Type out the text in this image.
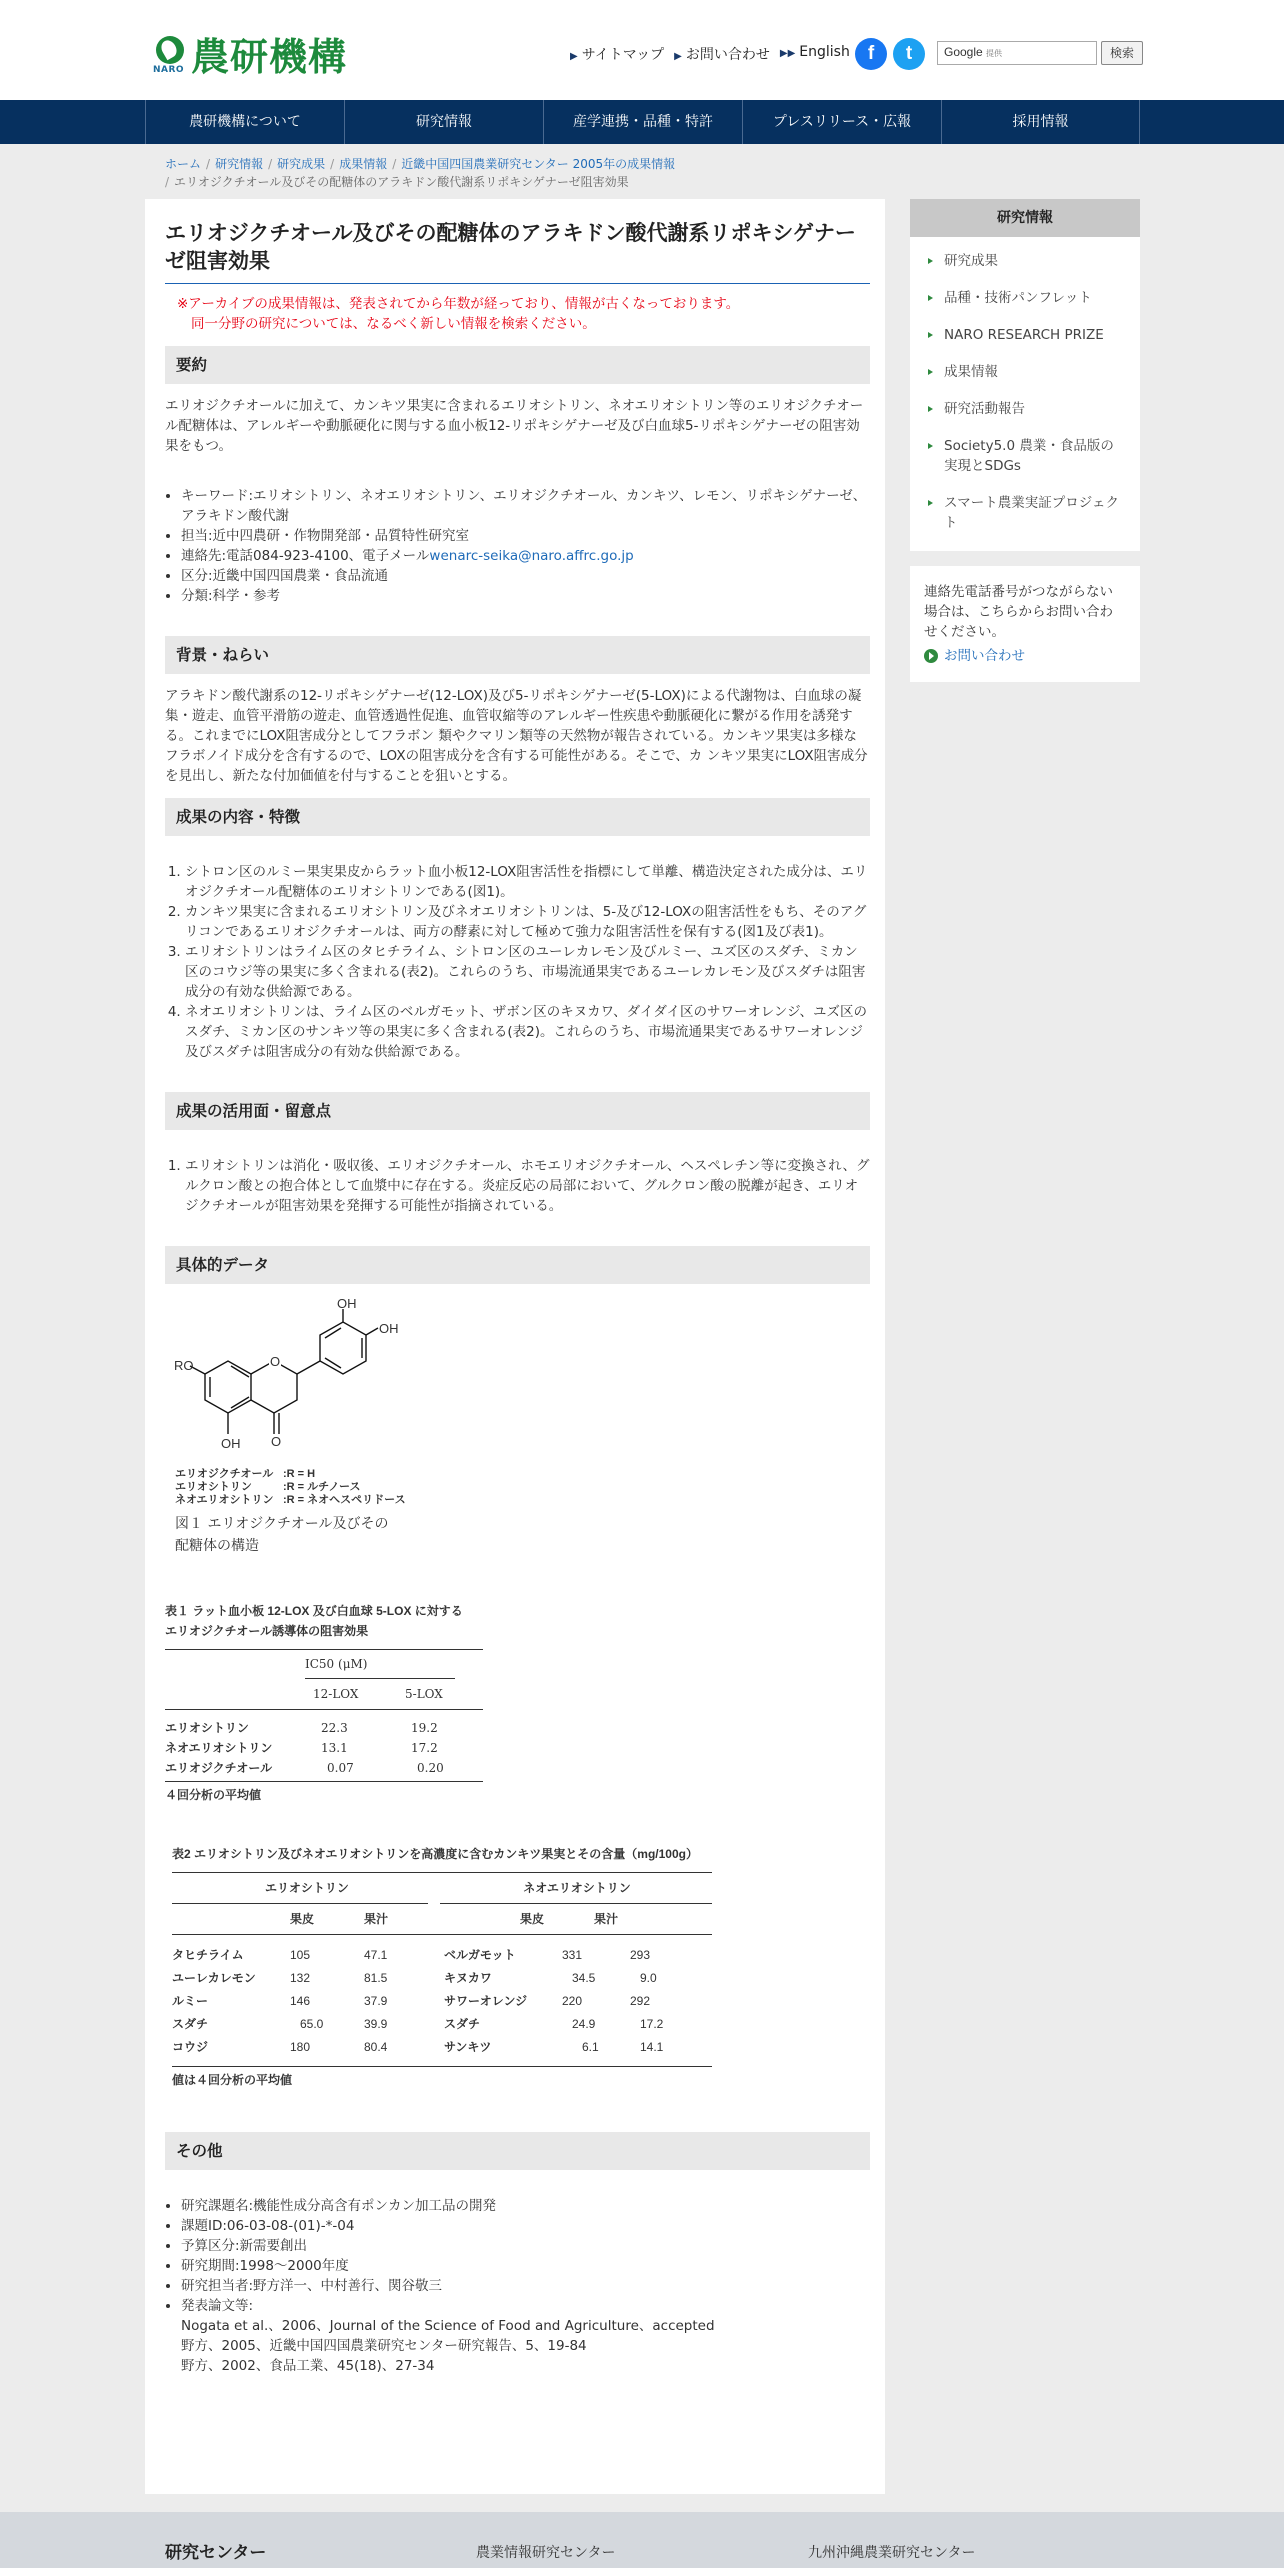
NARO 農研機構	▶ サイトマップ ▶ お問い合わせ ▶▶ English f	t	Google 提供	検索
農研機構について	研究情報	産学連携・品種・特許	プレスリリース・広報	採用情報
ホーム / 研究情報 / 研究成果 / 成果情報 / 近畿中国四国農業研究センター 2005年の成果情報
/ エリオジクチオール及びその配糖体のアラキドン酸代謝系リポキシゲナーゼ阻害効果
エリオジクチオール及びその配糖体のアラキドン酸代謝系リポキシゲナーゼ阻害効果
※アーカイブの成果情報は、発表されてから年数が経っており、情報が古くなっております。
同一分野の研究については、なるべく新しい情報を検索ください。
要約

エリオジクチオールに加えて、カンキツ果実に含まれるエリオシトリン、ネオエリオシトリン等のエリオジクチオール配糖体は、アレルギーや動脈硬化に関与する血小板12-リポキシゲナーゼ及び白血球5-リポキシゲナーゼの阻害効果をもつ。

• キーワード:エリオシトリン、ネオエリオシトリン、エリオジクチオール、カンキツ、レモン、リポキシゲナーゼ、アラキドン酸代謝
• 担当:近中四農研・作物開発部・品質特性研究室
• 連絡先:電話084-923-4100、電子メールwenarc-seika@naro.affrc.go.jp
• 区分:近畿中国四国農業・食品流通
• 分類:科学・参考
背景・ねらい

アラキドン酸代謝系の12-リポキシゲナーゼ(12-LOX)及び5-リポキシゲナーゼ(5-LOX)による代謝物は、白血球の凝集・遊走、血管平滑筋の遊走、血管透過性促進、血管収縮等のアレルギー性疾患や動脈硬化に繋がる作用を誘発する。これまでにLOX阻害成分としてフラボン 類やクマリン類等の天然物が報告されている。カンキツ果実は多様なフラボノイド成分を含有するので、LOXの阻害成分を含有する可能性がある。そこで、カ ンキツ果実にLOX阻害成分を見出し、新たな付加価値を付与することを狙いとする。

成果の内容・特徴
1. シトロン区のルミー果実果皮からラット血小板12-LOX阻害活性を指標にして単離、構造決定された成分は、エリオジクチオール配糖体のエリオシトリンである(図1)。
2. カンキツ果実に含まれるエリオシトリン及びネオエリオシトリンは、5-及び12-LOXの阻害活性をもち、そのアグリコンであるエリオジクチオールは、両方の酵素に対して極めて強力な阻害活性を保有する(図1及び表1)。
3. エリオシトリンはライム区のタヒチライム、シトロン区のユーレカレモン及びルミー、ユズ区のスダチ、ミカン区のコウジ等の果実に多く含まれる(表2)。これらのうち、市場流通果実であるユーレカレモン及びスダチは阻害成分の有効な供給源である。
4. ネオエリオシトリンは、ライム区のベルガモット、ザボン区のキヌカワ、ダイダイ区のサワーオレンジ、ユズ区のスダチ、ミカン区のサンキツ等の果実に多く含まれる(表2)。これらのうち、市場流通果実であるサワーオレンジ及びスダチは阻害成分の有効な供給源である。
成果の活用面・留意点
1. エリオシトリンは消化・吸収後、エリオジクチオール、ホモエリオジクチオール、ヘスペレチン等に変換され、グルクロン酸との抱合体として血漿中に存在する。炎症反応の局部において、グルクロン酸の脱離が起き、エリオジクチオールが阻害効果を発揮する可能性が指摘されている。
具体的データ
OH
OH
RO	O
O
OH
エリオジクチオール :R = H
エリオシトリン	:R = ルチノース
ネオエリオシトリン :R = ネオヘスペリドース
図１ エリオジクチオール及びその
配糖体の構造
表１ ラット血小板 12-LOX 及び白血球 5-LOX に対する
エリオジクチオール誘導体の阻害効果
IC50 (μM)
12-LOX	5-LOX
エリオシトリン	22.3	19.2
ネオエリオシトリン	13.1	17.2
エリオジクチオール	0.07	0.20
４回分析の平均値
表2 エリオシトリン及びネオエリオシトリンを高濃度に含むカンキツ果実とその含量（mg/100g）
エリオシトリン	ネオエリオシトリン
果皮	果汁	果皮	果汁
タヒチライム	105	47.1	ベルガモット	331	293
ユーレカレモン	132	81.5	キヌカワ	34.5	9.0
ルミー	146	37.9	サワーオレンジ	220	292
スダチ	65.0	39.9	スダチ	24.9	17.2
コウジ	180	80.4	サンキツ	6.1	14.1
値は４回分析の平均値
その他
• 研究課題名:機能性成分高含有ポンカン加工品の開発
• 課題ID:06-03-08-(01)-*-04
• 予算区分:新需要創出
• 研究期間:1998～2000年度
• 研究担当者:野方洋一、中村善行、関谷敬三
• 発表論文等:
Nogata et al.、2006、Journal of the Science of Food and Agriculture、accepted
野方、2005、近畿中国四国農業研究センター研究報告、5、19-84
野方、2002、食品工業、45(18)、27-34
研究情報
研究成果
品種・技術パンフレット
NARO RESEARCH PRIZE
成果情報
研究活動報告
Society5.0 農業・食品版の実現とSDGs
スマート農業実証プロジェクト
連絡先電話番号がつながらない場合は、こちらからお問い合わせください。
お問い合わせ
研究センター	農業情報研究センター	九州沖縄農業研究センター
